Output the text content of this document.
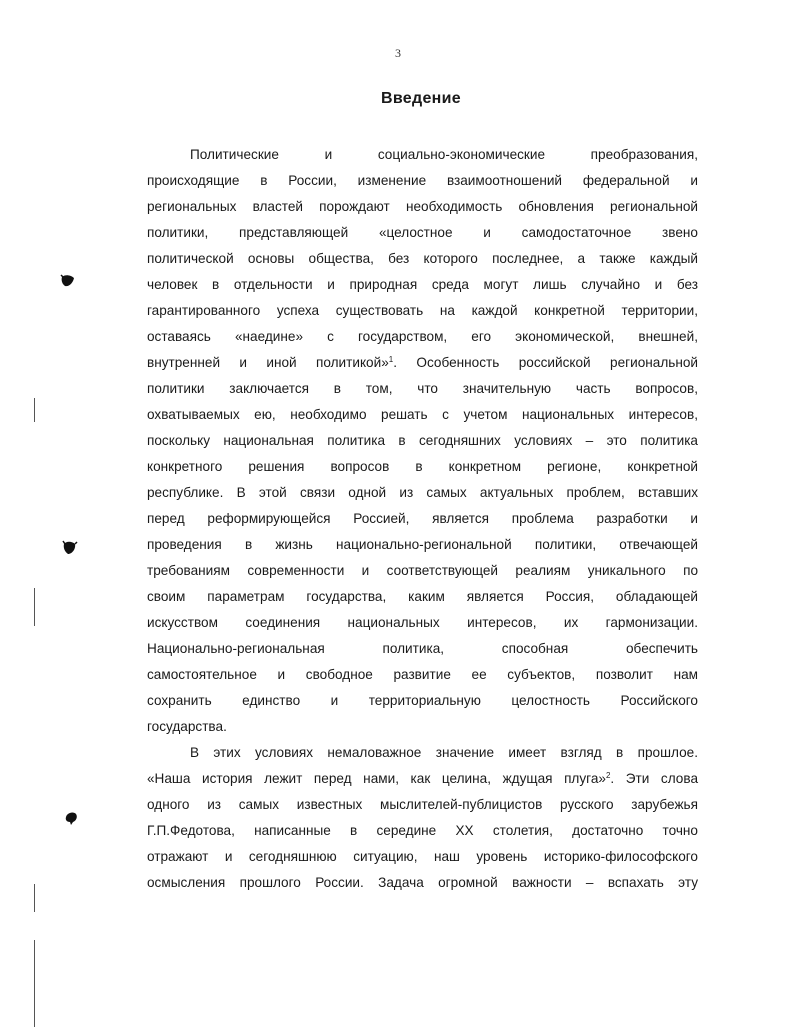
3
Введение
Политические и социально-экономические преобразования,
происходящие в России, изменение взаимоотношений федеральной и
региональных властей порождают необходимость обновления региональной
политики, представляющей «целостное и самодостаточное звено
политической основы общества, без которого последнее, а также каждый
человек в отдельности и природная среда могут лишь случайно и без
гарантированного успеха существовать на каждой конкретной территории,
оставаясь «наедине» с государством, его экономической, внешней,
внутренней и иной политикой»$^1$. Особенность российской региональной
политики заключается в том, что значительную часть вопросов,
охватываемых ею, необходимо решать с учетом национальных интересов,
поскольку национальная политика в сегодняшних условиях – это политика
конкретного решения вопросов в конкретном регионе, конкретной
республике. В этой связи одной из самых актуальных проблем, вставших
перед реформирующейся Россией, является проблема разработки и
проведения в жизнь национально-региональной политики, отвечающей
требованиям современности и соответствующей реалиям уникального по
своим параметрам государства, каким является Россия, обладающей
искусством соединения национальных интересов, их гармонизации.
Национально-региональная политика, способная обеспечить
самостоятельное и свободное развитие ее субъектов, позволит нам
сохранить единство и территориальную целостность Российского
государства.
В этих условиях немаловажное значение имеет взгляд в прошлое.
«Наша история лежит перед нами, как целина, ждущая плуга»$^2$. Эти слова
одного из самых известных мыслителей-публицистов русского зарубежья
Г.П.Федотова, написанные в середине XX столетия, достаточно точно
отражают и сегодняшнюю ситуацию, наш уровень историко-философского
осмысления прошлого России. Задача огромной важности – вспахать эту
